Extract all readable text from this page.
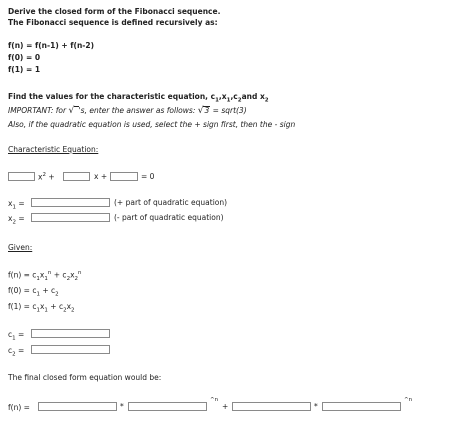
Derive the closed form of the Fibonacci sequence.
The Fibonacci sequence is defined recursively as:
f(n) = f(n-1) + f(n-2)
f(0) = 0
f(1) = 1
Find the values for the characteristic equation, $c_1,x_1,c_2and$ $x_2$
IMPORTANT: for √ 's, enter the answer as follows: √3 = sqrt(3)
Also, if the quadratic equation is used, select the + sign first, then the - sign
Characteristic Equation:
$x^2$ +	x +	= 0
$x_1$ =	(+ part of quadratic equation)
$x_2$ =	(- part of quadratic equation)
Given:
$f(n) = c_1x_1^n + c_2x_2^n$
$f(0) = c_1 + c_2$
$f(1) = c_1x_1 + c_2x_2$
$c_1$ =
$c_2$ =
The final closed form equation would be:
f(n) =	*
^n
+	*
^n
